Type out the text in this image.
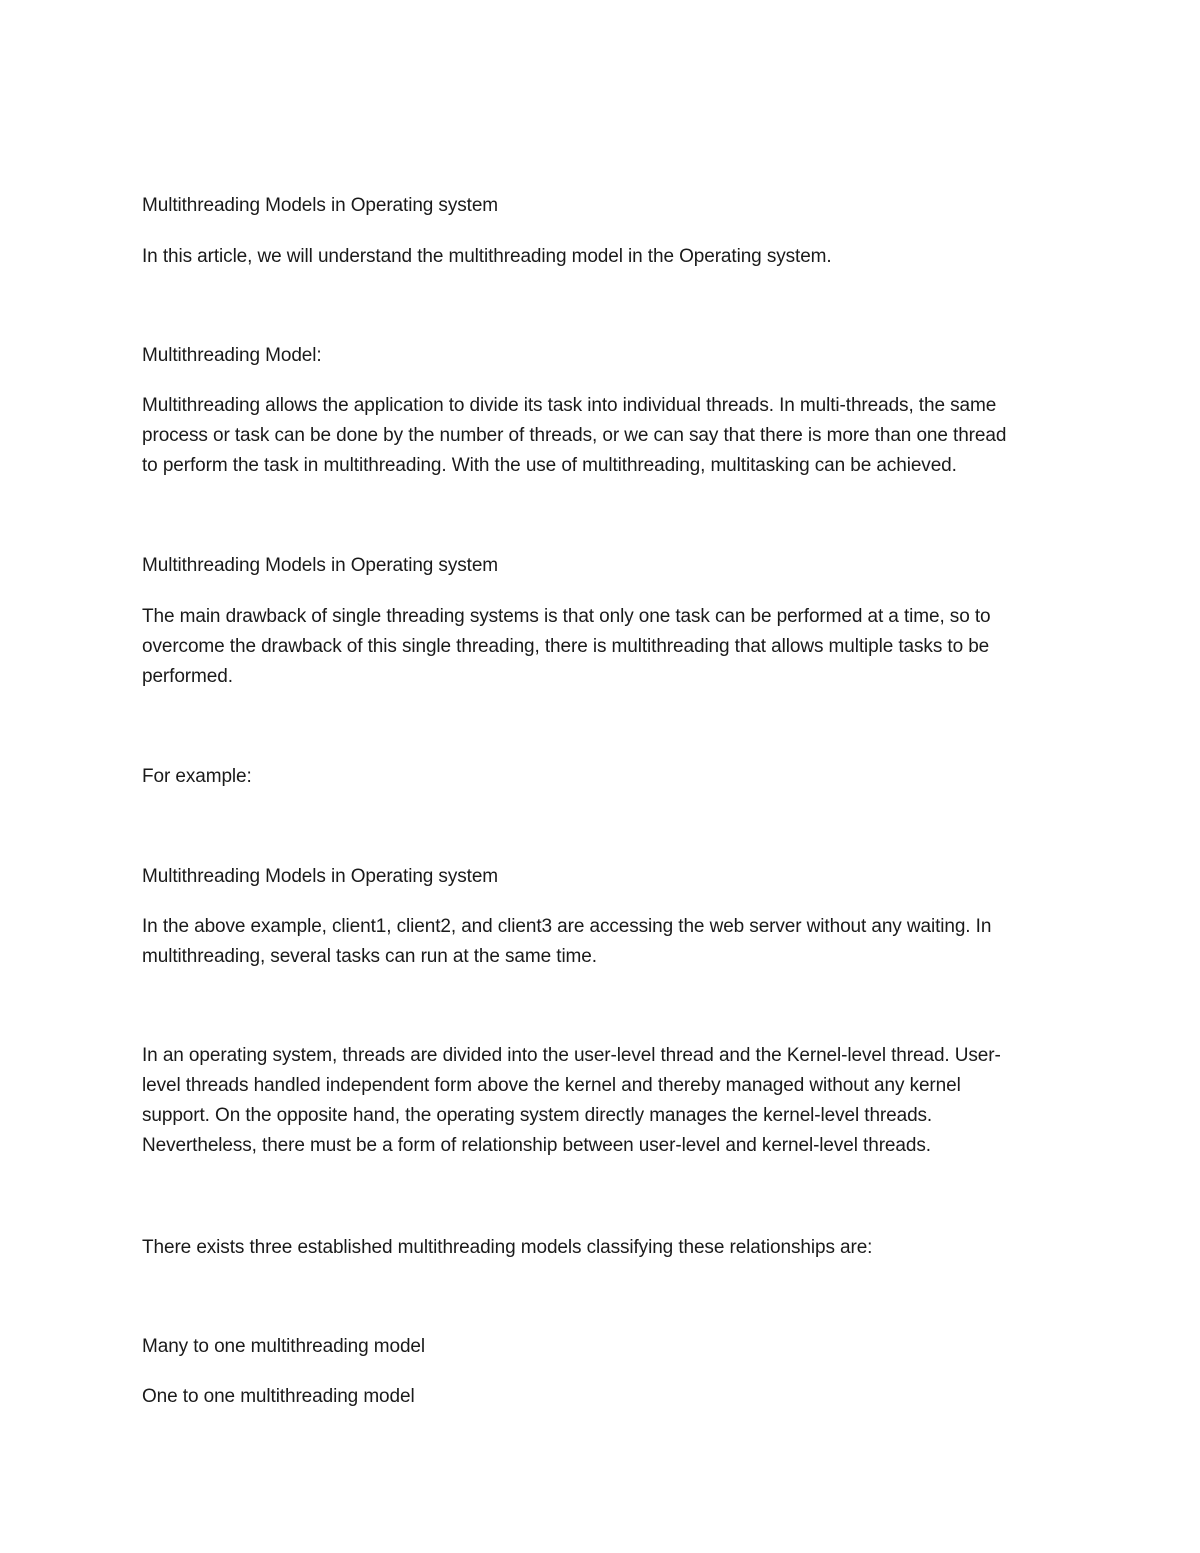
Multithreading Models in Operating system

In this article, we will understand the multithreading model in the Operating system.

Multithreading Model:

Multithreading allows the application to divide its task into individual threads. In multi-threads, the same
process or task can be done by the number of threads, or we can say that there is more than one thread
to perform the task in multithreading. With the use of multithreading, multitasking can be achieved.

Multithreading Models in Operating system

The main drawback of single threading systems is that only one task can be performed at a time, so to
overcome the drawback of this single threading, there is multithreading that allows multiple tasks to be
performed.

For example:

Multithreading Models in Operating system

In the above example, client1, client2, and client3 are accessing the web server without any waiting. In
multithreading, several tasks can run at the same time.

In an operating system, threads are divided into the user-level thread and the Kernel-level thread. User-
level threads handled independent form above the kernel and thereby managed without any kernel
support. On the opposite hand, the operating system directly manages the kernel-level threads.
Nevertheless, there must be a form of relationship between user-level and kernel-level threads.

There exists three established multithreading models classifying these relationships are:

Many to one multithreading model

One to one multithreading model
